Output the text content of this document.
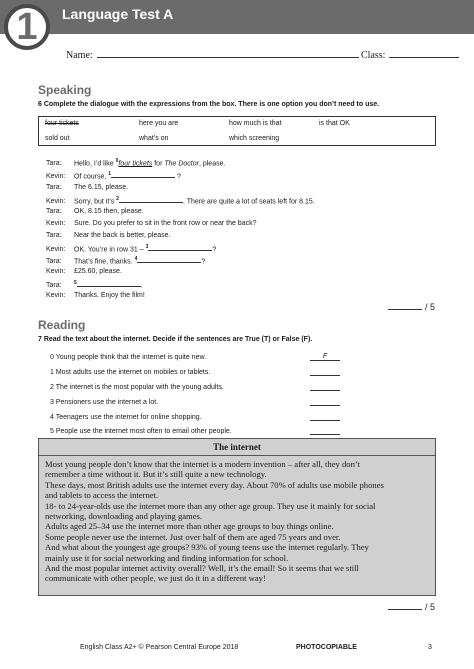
Language Test A
1
Name:	Class:
Speaking
6 Complete the dialogue with the expressions from the box. There is one option you don’t need to use.
four tickets	here you are	how much is that	is that OK
sold out	what’s on	which screening
Tara: Hello, I’d like $^0$four tickets for The Doctor, please.
Kevin: Of course, $^1$	?
Tara: The 6.15, please.
Kevin: Sorry, but it’s $^2$	. There are quite a lot of seats left for 8.15.
Tara: OK, 8.15 then, please.
Kevin: Sure. Do you prefer to sit in the front row or near the back?
Tara: Near the back is better, please.
Kevin: OK. You’re in row 31 – $^3$	?
Tara: That’s fine, thanks. $^4$	?
Kevin: £25.60, please.
Tara: $^5$	.
Kevin: Thanks. Enjoy the film!
/ 5
Reading
7 Read the text about the internet. Decide if the sentences are True (T) or False (F).
0 Young people think that the internet is quite new.	F
1 Most adults use the internet on mobiles or tablets.
2 The internet is the most popular with the young adults.
3 Pensioners use the internet a lot.
4 Teenagers use the internet for online shopping.
5 People use the internet most often to email other people.
The internet
Most young people don’t know that the internet is a modern invention – after all, they don’t
remember a time without it. But it’s still quite a new technology.
These days, most British adults use the internet every day. About 70% of adults use mobile phones
and tablets to access the internet.
18- to 24-year-olds use the internet more than any other age group. They use it mainly for social
networking, downloading and playing games.
Adults aged 25–34 use the internet more than other age groups to buy things online.
Some people never use the internet. Just over half of them are aged 75 years and over.
And what about the youngest age groups? 93% of young teens use the internet regularly. They
mainly use it for social networking and finding information for school.
And the most popular internet activity overall? Well, it’s the email! So it seems that we still
communicate with other people, we just do it in a different way!
/ 5
English Class A2+ © Pearson Central Europe 2018	PHOTOCOPIABLE	3
